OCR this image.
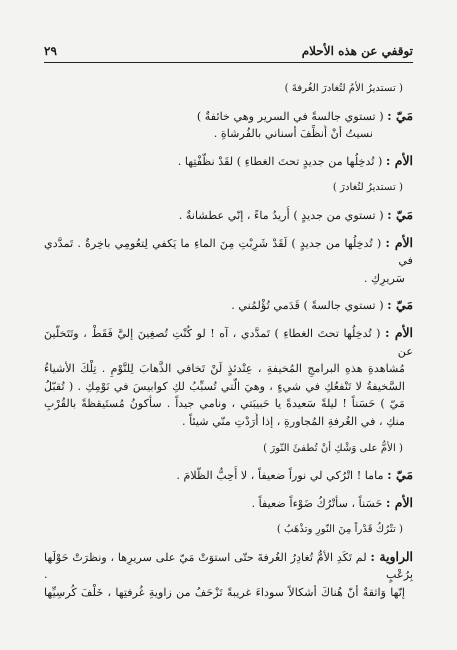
توقفي عن هذه الأحلام
٢٩
( تستديرُ الأمُ لتُغادرَ الغُرفةَ )
مَيّ : ( تستوي جالسةً في السرير وهي خائفةٌ )
نسيتُ أنْ أُنظِّفَ أسناني بالفُرشاةِ .
الأم : ( تُدخِلُها من جديدٍ تحتَ الغطاءِ ) لقَدْ نظّفْتِها .
( تستديرُ لتُغادرَ )
مَيّ : ( تستوي من جديدٍ ) أُريدُ ماءً ، إنّي عطشانةٌ .
الأم : ( تُدخِلُها من جديدٍ ) لَقَدْ شَرِبْتِ مِنَ الماءِ ما يَكفي لِتعُومِي باخِرةٌ . تَمدَّدي في
سَريرِكِ .
مَيّ : ( تستوي جالسةً ) قَدَمي تُؤْلمُني .
الأم : ( تُدخِلُها تحتَ الغطاءِ ) تَمدَّدي ، آه ! لو كُنْتِ تُصغِينَ إليَّ فَقَطْ ، وتَتَخلّينَ عن
مُشاهدةِ هذهِ البرامجِ المُخيفةِ ، عِنْدئذٍ لَنْ تَخافي الذَّهابَ لِلنَّوْمِ . تِلْكَ الأشياءُ
السَّخيفةُ لا تَنْفعُكِ في شيءٍ ، وهيَ الّتي تُسبِّبُ لكِ كوابيسَ في نَوْمِكِ . ( تُقبّلُ
مَيّ ) حَسَناً ! ليلةً سَعيدةً يا حَبيبَتي ، ونامي جيداً . سأكونُ مُستَيقظةً بالقُرْبِ
منكِ ، في الغُرفةِ المُجاورةِ ، إذا أَرَدْتِ منّي شيئاً .
( الأمُّ على وَشْكِ أنْ تُطفئَ النّورَ )
مَيّ : ماما ! اتْرُكي لي نوراً ضعيفاً ، لا أُحِبُّ الظّلامَ .
الأم : حَسَناً ، سأتْرُكُ ضَوْءاً ضعيفاً .
( تتْرُكُ قَدْراً مِنَ النّورِ وتذْهَبُ )
الراوية : لم تَكَدِ الأمُّ تُغادِرُ الغُرفةَ حتّى استوَتْ مَيّ على سريرِها ، ونظرَتْ حَوْلَها بِرُعْبٍ .
إنّها وَاثقةٌ أنّ هُناكَ أشكالاً سوداءَ غريبةً تَزْحَفُ من زاويةِ غُرفتِها ، خَلْفَ كُرسِيِّها
